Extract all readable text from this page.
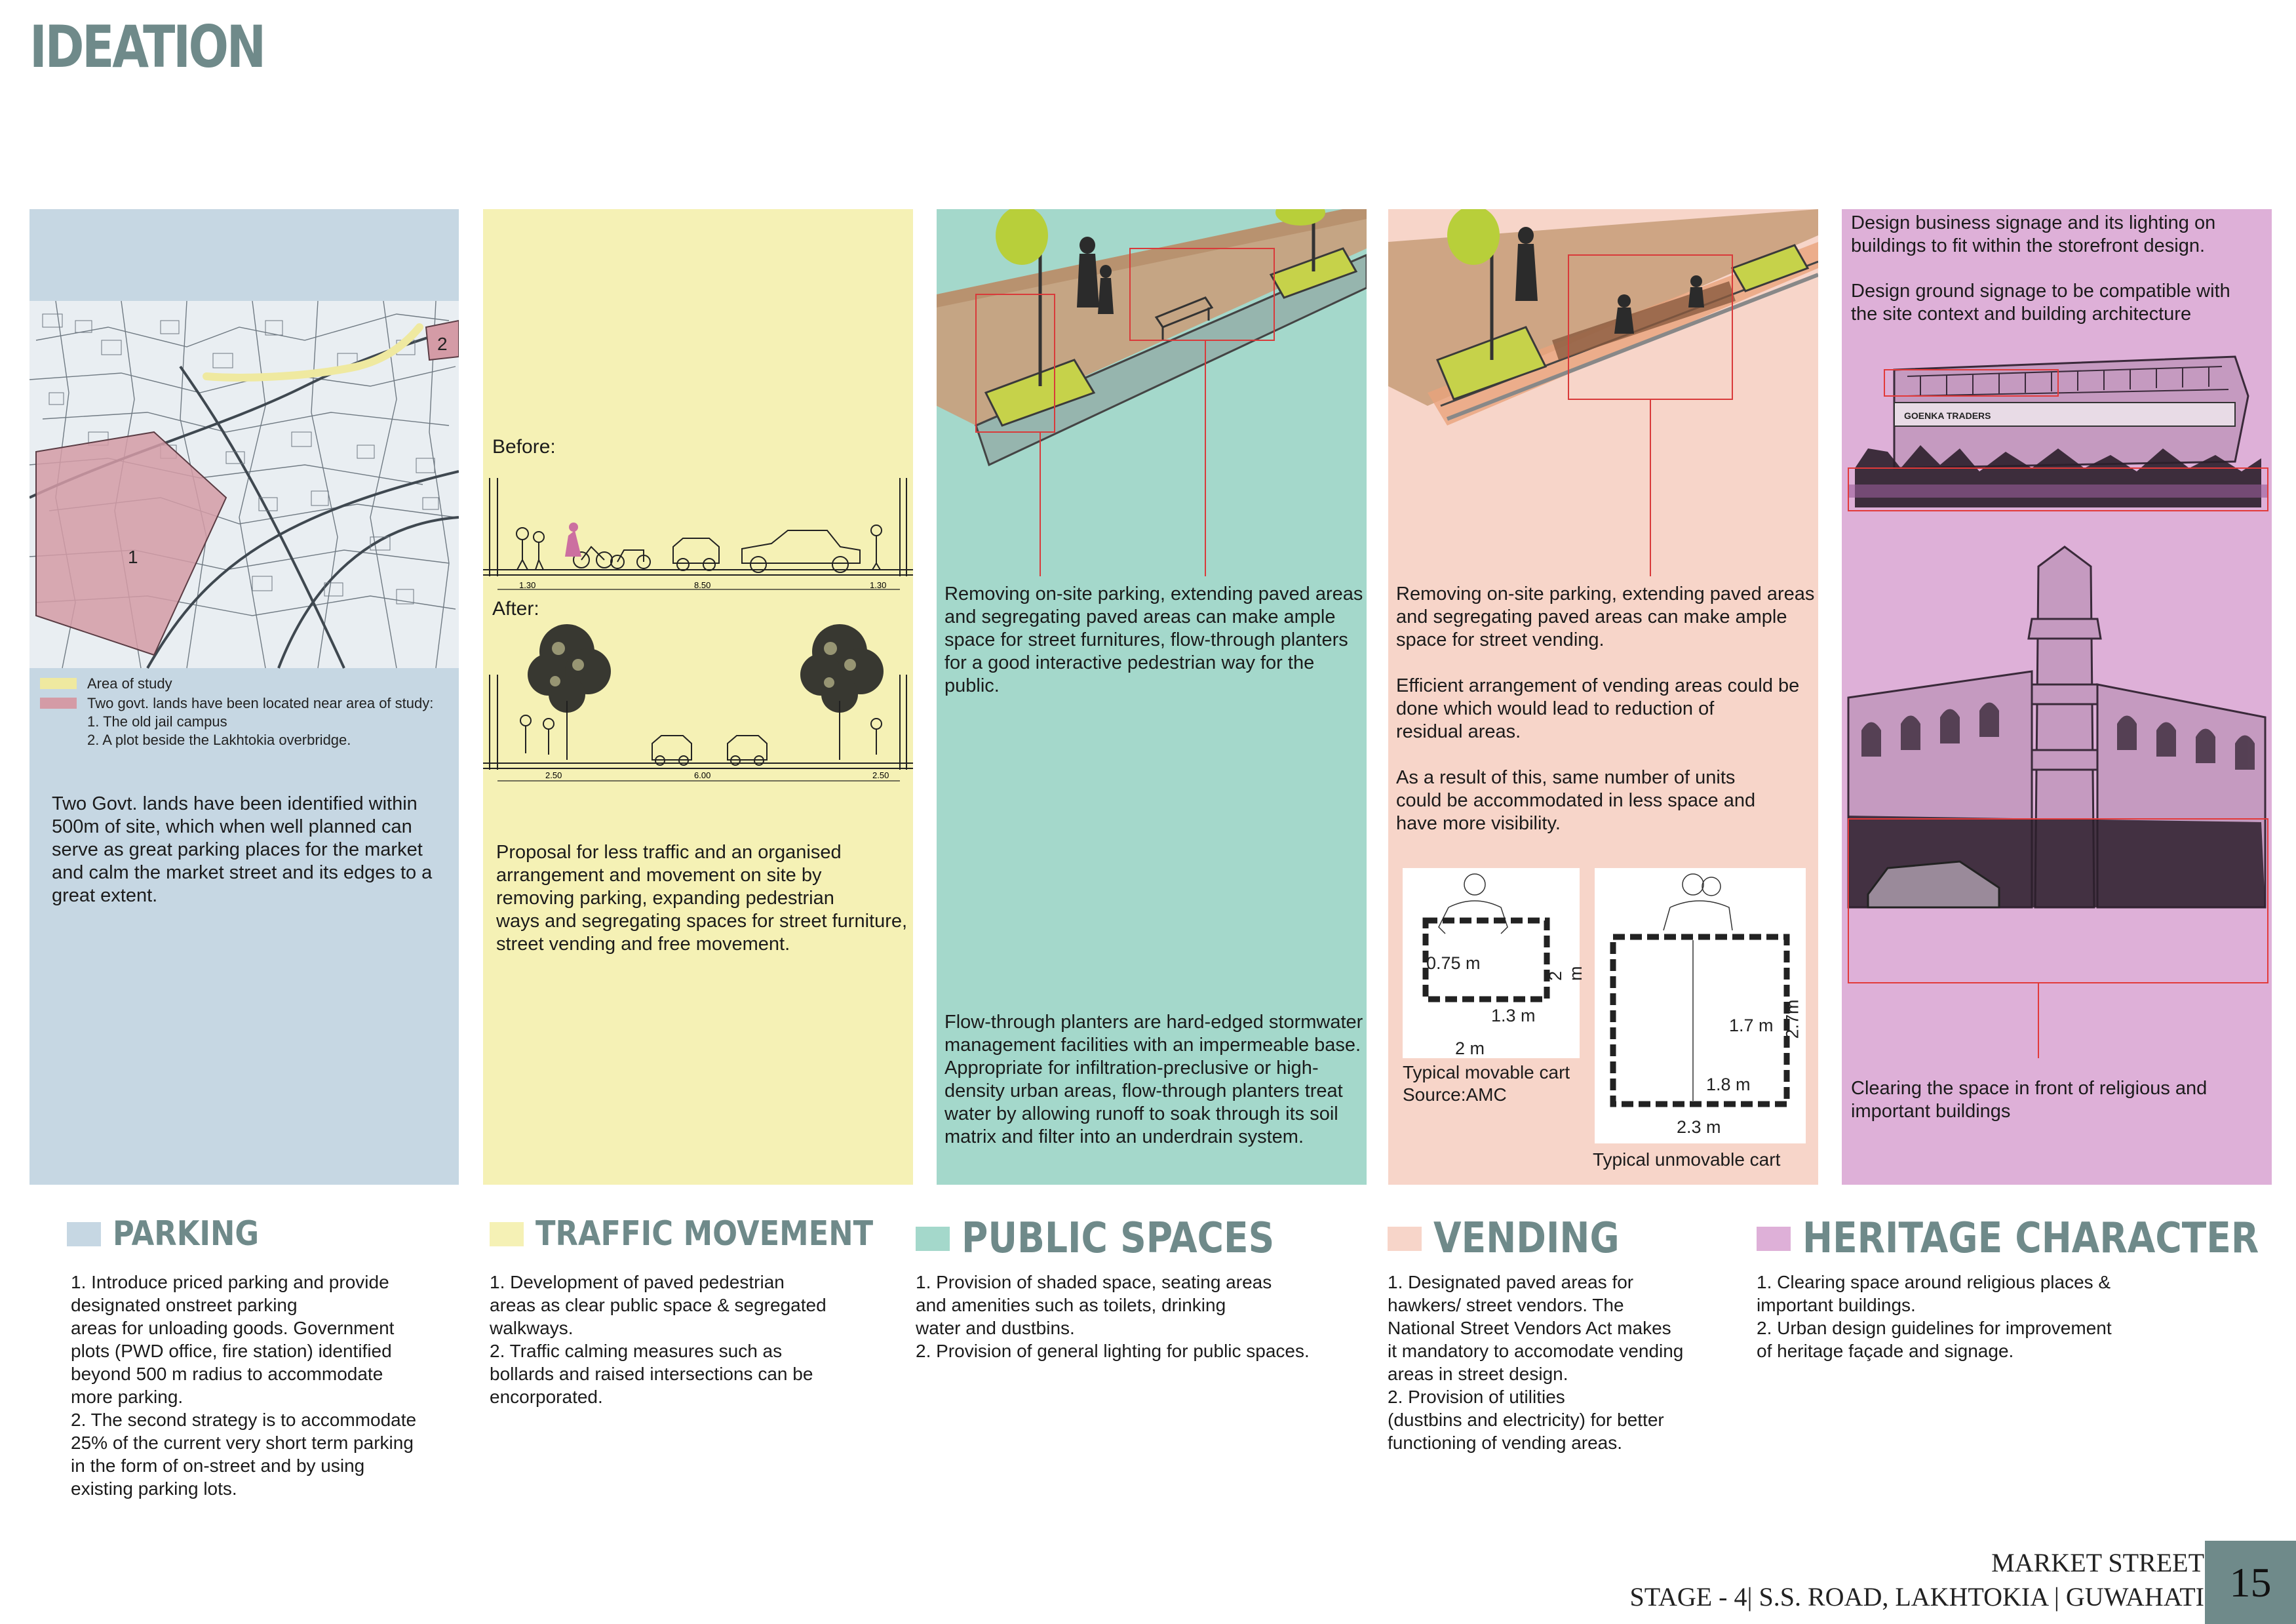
IDEATION
1
2
Area of study
Two govt. lands have been located near area of study:
1. The old jail campus
2. A plot beside the Lakhtokia overbridge.
Two Govt. lands have been identified within
500m of site, which when well planned can
serve as great parking places for the market
and calm the market street and its edges to a
great extent.
Before:
1.30	8.50	1.30
After:
2.50	6.00	2.50
Proposal for less traffic and an organised
arrangement and movement on site by
removing parking, expanding pedestrian
ways and segregating spaces for street furniture,
street vending and free movement.
Removing on-site parking, extending paved areas
and segregating paved areas can make ample
space for street furnitures, flow-through planters
for a good interactive pedestrian way for the
public.
Flow-through planters are hard-edged stormwater
management facilities with an impermeable base.
Appropriate for infiltration-preclusive or high-
density urban areas, flow-through planters treat
water by allowing runoff to soak through its soil
matrix and filter into an underdrain system.
Removing on-site parking, extending paved areas
and segregating paved areas can make ample
space for street vending.
Efficient arrangement of vending areas could be
done which would lead to reduction of
residual areas.
As a result of this, same number of units
could be accommodated in less space and
have more visibility.
0.75 m
2 m
1.3 m
2 m
Typical movable cart
Source:AMC
1.7 m 2.7m
1.8 m
2.3 m
Typical unmovable cart
Design business signage and its lighting on
buildings to fit within the storefront design.
Design ground signage to be compatible with
the site context and building architecture
GOENKA TRADERS
Clearing the space in front of religious and
important buildings
PARKING	TRAFFIC MOVEMENT PUBLIC SPACES	VENDING	HERITAGE CHARACTER
1. Introduce priced parking and provide
designated onstreet parking
areas for unloading goods. Government
plots (PWD office, fire station) identified
beyond 500 m radius to accommodate
more parking.
2. The second strategy is to accommodate
25% of the current very short term parking
in the form of on-street and by using
existing parking lots.
1. Development of paved pedestrian
areas as clear public space & segregated
walkways.
2. Traffic calming measures such as
bollards and raised intersections can be
encorporated.
1. Provision of shaded space, seating areas
and amenities such as toilets, drinking
water and dustbins.
2. Provision of general lighting for public spaces.
1. Designated paved areas for
hawkers/ street vendors. The
National Street Vendors Act makes
it mandatory to accomodate vending
areas in street design.
2. Provision of utilities
(dustbins and electricity) for better
functioning of vending areas.
1. Clearing space around religious places &
important buildings.
2. Urban design guidelines for improvement
of heritage façade and signage.
MARKET STREET
STAGE - 4| S.S. ROAD, LAKHTOKIA | GUWAHATI 15
